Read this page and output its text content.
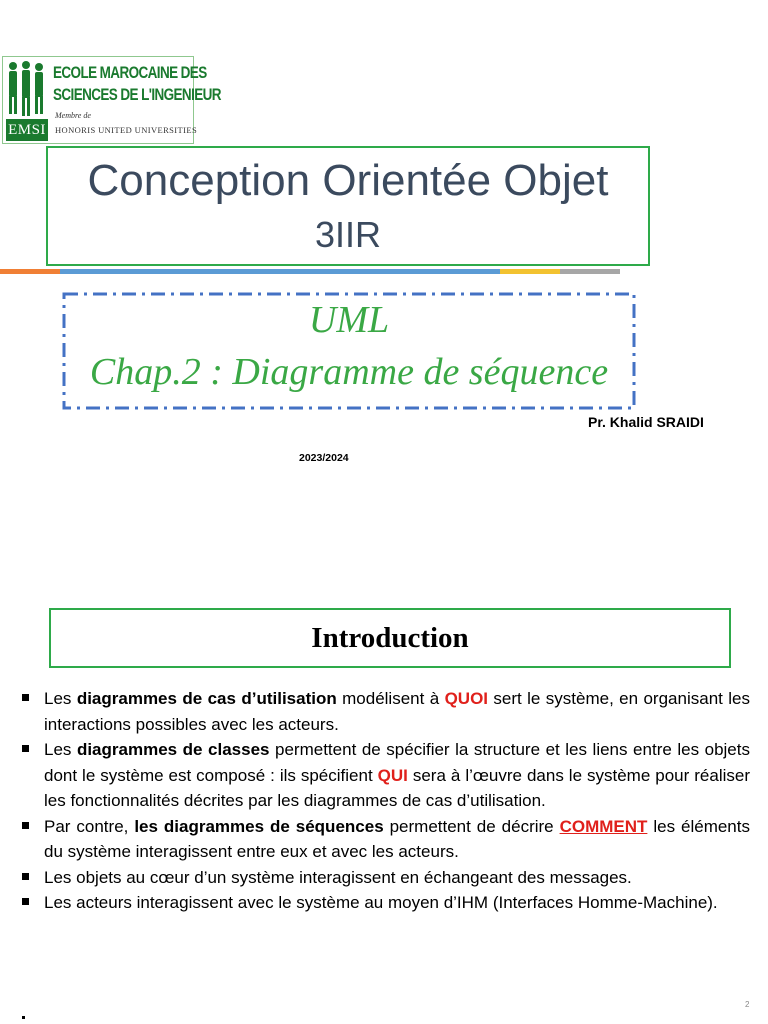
EMSI
ECOLE MAROCAINE DES
SCIENCES DE L'INGENIEUR
Membre de
HONORIS UNITED UNIVERSITIES
Conception Orientée Objet
3IIR
UML
Chap.2 : Diagramme de séquence
Pr. Khalid SRAIDI
2023/2024
Introduction
Les diagrammes de cas d’utilisation modélisent à QUOI sert le système, en organisant les interactions possibles avec les acteurs.
Les diagrammes de classes permettent de spécifier la structure et les liens entre les objets dont le système est composé : ils spécifient QUI sera à l’œuvre dans le système pour réaliser les fonctionnalités décrites par les diagrammes de cas d’utilisation.
Par contre, les diagrammes de séquences permettent de décrire COMMENT les éléments du système interagissent entre eux et avec les acteurs.
Les objets au cœur d’un système interagissent en échangeant des messages.
Les acteurs interagissent avec le système au moyen d’IHM (Interfaces Homme-Machine).
2
